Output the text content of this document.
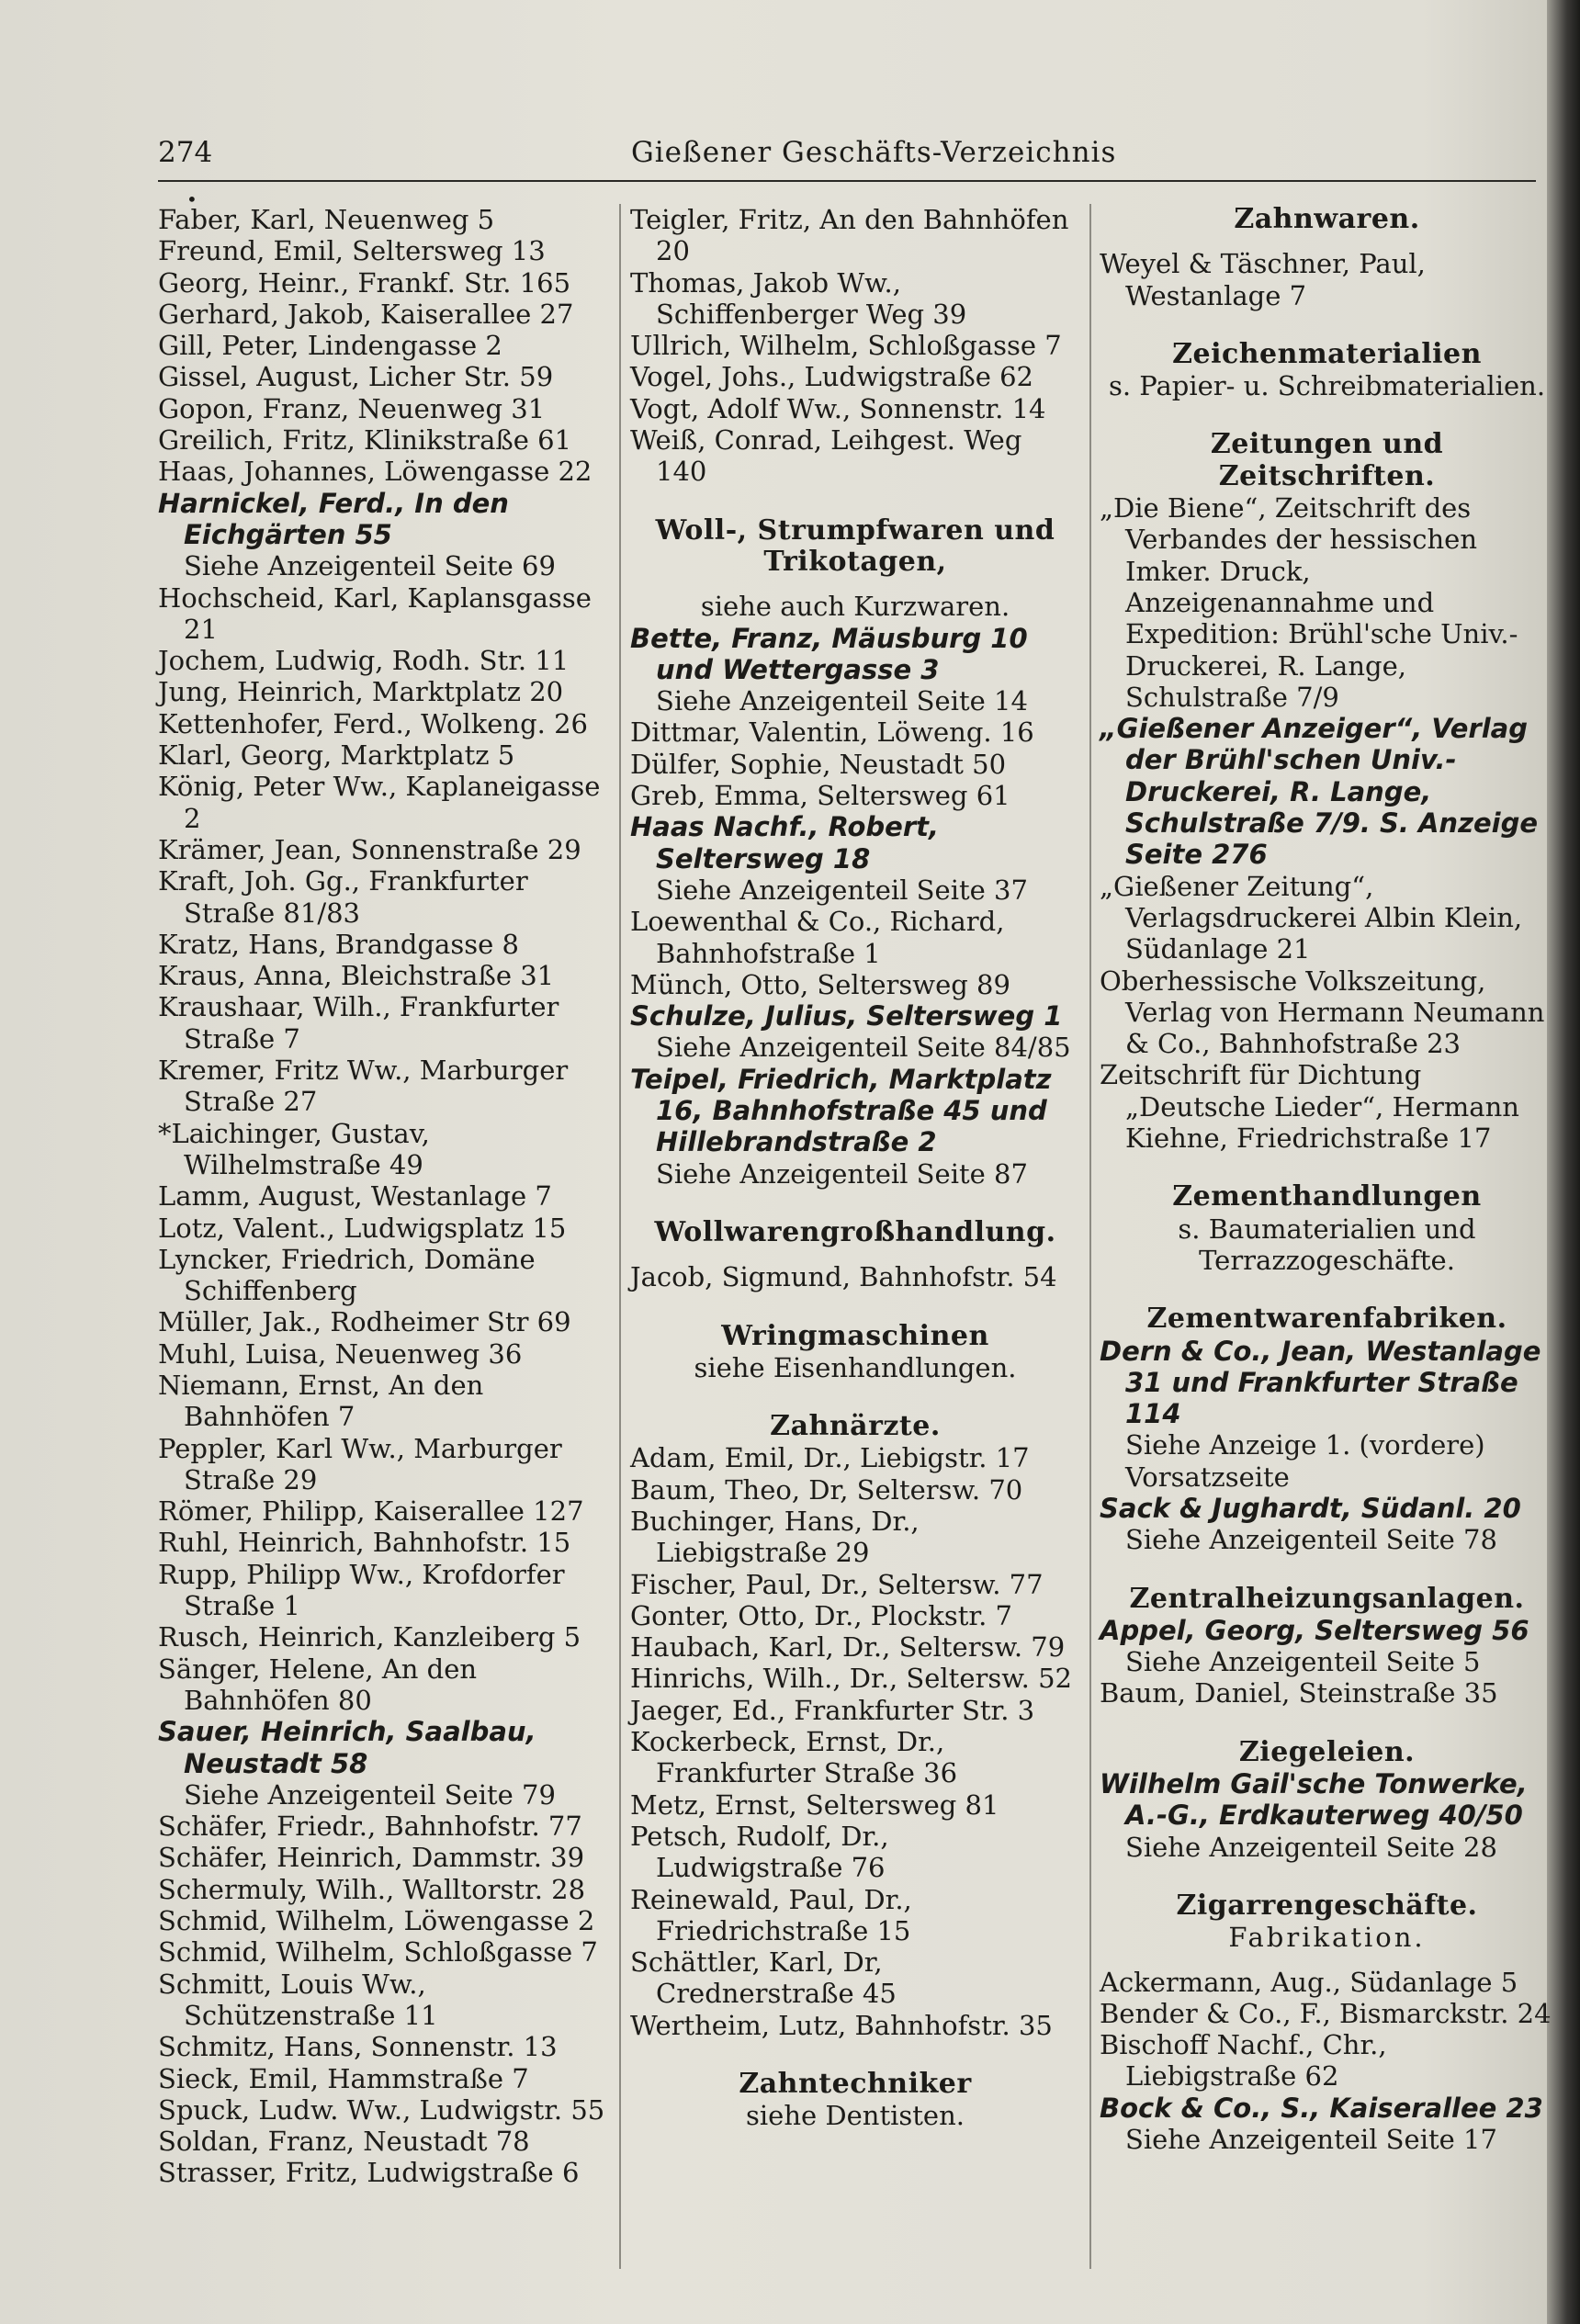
274	Gießener Geschäfts-Verzeichnis
•

Faber, Karl, Neuenweg 5

Freund, Emil, Seltersweg 13

Georg, Heinr., Frankf. Str. 165

Gerhard, Jakob, Kaiserallee 27

Gill, Peter, Lindengasse 2

Gissel, August, Licher Str. 59

Gopon, Franz, Neuenweg 31

Greilich, Fritz, Klinikstraße 61

Haas, Johannes, Löwengasse 22

Harnickel, Ferd., In den Eichgärten 55

Siehe Anzeigenteil Seite 69

Hochscheid, Karl, Kaplansgasse 21

Jochem, Ludwig, Rodh. Str. 11

Jung, Heinrich, Marktplatz 20

Kettenhofer, Ferd., Wolkeng. 26

Klarl, Georg, Marktplatz 5

König, Peter Ww., Kaplaneigasse 2

Krämer, Jean, Sonnenstraße 29

Kraft, Joh. Gg., Frankfurter Straße 81/83

Kratz, Hans, Brandgasse 8

Kraus, Anna, Bleichstraße 31

Kraushaar, Wilh., Frankfurter Straße 7

Kremer, Fritz Ww., Marburger Straße 27

*Laichinger, Gustav, Wilhelmstraße 49

Lamm, August, Westanlage 7

Lotz, Valent., Ludwigsplatz 15

Lyncker, Friedrich, Domäne Schiffenberg

Müller, Jak., Rodheimer Str 69

Muhl, Luisa, Neuenweg 36

Niemann, Ernst, An den Bahnhöfen 7

Peppler, Karl Ww., Marburger Straße 29

Römer, Philipp, Kaiserallee 127

Ruhl, Heinrich, Bahnhofstr. 15

Rupp, Philipp Ww., Krofdorfer Straße 1

Rusch, Heinrich, Kanzleiberg 5

Sänger, Helene, An den Bahnhöfen 80

Sauer, Heinrich, Saalbau, Neustadt 58

Siehe Anzeigenteil Seite 79

Schäfer, Friedr., Bahnhofstr. 77

Schäfer, Heinrich, Dammstr. 39

Schermuly, Wilh., Walltorstr. 28

Schmid, Wilhelm, Löwengasse 2

Schmid, Wilhelm, Schloßgasse 7

Schmitt, Louis Ww., Schützenstraße 11

Schmitz, Hans, Sonnenstr. 13

Sieck, Emil, Hammstraße 7

Spuck, Ludw. Ww., Ludwigstr. 55

Soldan, Franz, Neustadt 78

Strasser, Fritz, Ludwigstraße 6

Teigler, Fritz, An den Bahnhöfen 20

Thomas, Jakob Ww., Schiffenberger Weg 39

Ullrich, Wilhelm, Schloßgasse 7

Vogel, Johs., Ludwigstraße 62

Vogt, Adolf Ww., Sonnenstr. 14

Weiß, Conrad, Leihgest. Weg 140

Woll-, Strumpfwaren und Trikotagen,

siehe auch Kurzwaren.

Bette, Franz, Mäusburg 10 und Wettergasse 3

Siehe Anzeigenteil Seite 14

Dittmar, Valentin, Löweng. 16

Dülfer, Sophie, Neustadt 50

Greb, Emma, Seltersweg 61

Haas Nachf., Robert, Seltersweg 18

Siehe Anzeigenteil Seite 37

Loewenthal & Co., Richard, Bahnhofstraße 1

Münch, Otto, Seltersweg 89

Schulze, Julius, Seltersweg 1

Siehe Anzeigenteil Seite 84/85

Teipel, Friedrich, Marktplatz 16, Bahnhofstraße 45 und Hillebrandstraße 2

Siehe Anzeigenteil Seite 87

Wollwarengroßhandlung.

Jacob, Sigmund, Bahnhofstr. 54

Wringmaschinen

siehe Eisenhandlungen.

Zahnärzte.

Adam, Emil, Dr., Liebigstr. 17

Baum, Theo, Dr, Seltersw. 70

Buchinger, Hans, Dr., Liebigstraße 29

Fischer, Paul, Dr., Seltersw. 77

Gonter, Otto, Dr., Plockstr. 7

Haubach, Karl, Dr., Seltersw. 79

Hinrichs, Wilh., Dr., Seltersw. 52

Jaeger, Ed., Frankfurter Str. 3

Kockerbeck, Ernst, Dr., Frankfurter Straße 36

Metz, Ernst, Seltersweg 81

Petsch, Rudolf, Dr., Ludwigstraße 76

Reinewald, Paul, Dr., Friedrichstraße 15

Schättler, Karl, Dr, Crednerstraße 45

Wertheim, Lutz, Bahnhofstr. 35

Zahntechniker

siehe Dentisten.

Zahnwaren.

Weyel & Täschner, Paul, Westanlage 7

Zeichenmaterialien

s. Papier- u. Schreibmaterialien.

Zeitungen und Zeitschriften.

„Die Biene“, Zeitschrift des Verbandes der hessischen Imker. Druck, Anzeigenannahme und Expedition: Brühl'sche Univ.-Druckerei, R. Lange, Schulstraße 7/9

„Gießener Anzeiger“, Verlag der Brühl'schen Univ.-Druckerei, R. Lange, Schulstraße 7/9. S. Anzeige Seite 276

„Gießener Zeitung“, Verlagsdruckerei Albin Klein, Südanlage 21

Oberhessische Volkszeitung, Verlag von Hermann Neumann & Co., Bahnhofstraße 23

Zeitschrift für Dichtung „Deutsche Lieder“, Hermann Kiehne, Friedrichstraße 17

Zementhandlungen

s. Baumaterialien und Terrazzogeschäfte.

Zementwarenfabriken.

Dern & Co., Jean, Westanlage 31 und Frankfurter Straße 114

Siehe Anzeige 1. (vordere) Vorsatzseite

Sack & Jughardt, Südanl. 20

Siehe Anzeigenteil Seite 78

Zentralheizungsanlagen.

Appel, Georg, Seltersweg 56

Siehe Anzeigenteil Seite 5

Baum, Daniel, Steinstraße 35

Ziegeleien.

Wilhelm Gail'sche Tonwerke, A.-G., Erdkauterweg 40/50

Siehe Anzeigenteil Seite 28

Zigarrengeschäfte.

Fabrikation.

Ackermann, Aug., Südanlage 5

Bender & Co., F., Bismarckstr. 24

Bischoff Nachf., Chr., Liebigstraße 62

Bock & Co., S., Kaiserallee 23

Siehe Anzeigenteil Seite 17
